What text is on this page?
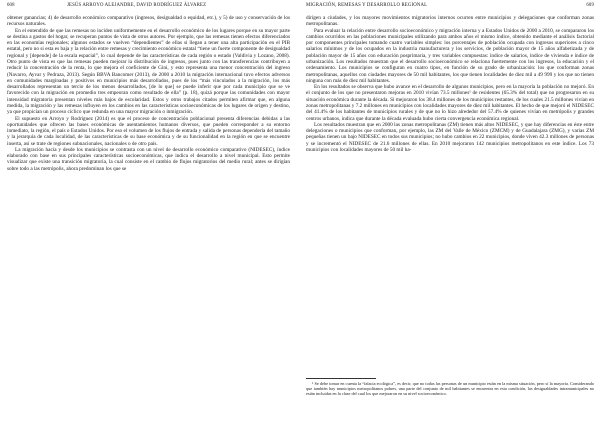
608	JESÚS ARROYO ALEJANDRE, DAVID RODRÍGUEZ ÁLVAREZ

obtener ganancias; 4) de desarrollo económico comparativo (ingresos, desigualdad o equidad, etc.), y 5) de uso y conservación de los recursos naturales.

En el entendido de que las remesas no inciden uniformemente en el desarrollo económico de los lugares porque en su mayor parte se destina a gastos del hogar, se recuperan puntos de vista de otros autores. Por ejemplo, que las remesas tienen efectos diferenciados en las economías regionales; algunos estados se vuelven “dependientes” de ellas si llegan a tener una alta participación en el PIB estatal, pero no si esta es baja y la relación entre remesas y crecimiento económico estatal “tiene un fuerte componente de desigualdad regional y [depende] de la escala espacial”, lo cual depende de las características de cada región o estado (Valdivia y Lozano, 2008). Otro punto de vista es que las remesas pueden mejorar la distribución de ingresos, pues junto con las transferencias contribuyen a reducir la concentración de la renta, lo que mejora el coeficiente de Gini, y esto representa una menor concentración del ingreso (Navarro, Ayvar y Pedraza, 2013). Según BBVA Bancomer (2013), de 2000 a 2010 la migración internacional tuvo efectos adversos en comunidades marginadas y positivos en municipios más desarrollados, pues de los “más vinculados a la migración, los más desarrollados representan un tercio de los menos desarrollados, [de lo que] se puede inferir que por cada municipio que se ve favorecido con la migración en promedio tres empeoran como resultado de ella” (p. 18), quizá porque las comunidades con mayor intensidad migratoria presentan niveles más bajos de escolaridad. Estos y otros trabajos citados permiten afirmar que, en alguna medida, la migración y las remesas influyen en los cambios en las características socioeconómicas de los lugares de origen y destino, ya que propician un proceso cíclico que redunda en una mayor migración o inmigración.

El supuesto en Arroyo y Rodríguez (2014) es que el proceso de concentración poblacional presenta diferencias debidas a las oportunidades que ofrecen las bases económicas de asentamientos humanos diversos, que pueden corresponder a su entorno inmediato, la región, el país o Estados Unidos. Por eso el volumen de los flujos de entrada y salida de personas dependería del tamaño y la jerarquía de cada localidad, de las características de su base económica y de su funcionalidad en la región en que se encuentre inserta, así se trate de regiones subnacionales, nacionales o de otro país.

La migración hacia y desde los municipios se contrasta con un nivel de desarrollo económico comparativo (NIDESEC), índice elaborado con base en sus principales características socioeconómicas, que indica el desarrollo a nivel municipal. Esto permite visualizar que existe una transición migratoria, la cual consiste en el cambio de flujos migratorios del medio rural; antes se dirigían sobre todo a las metrópolis, ahora predominan los que se

MIGRACIÓN, REMESAS Y DESARROLLO REGIONAL	609

dirigen a ciudades, y los mayores movimientos migratorios internos ocurren entre municipios y delegaciones que conforman zonas metropolitanas.

Para evaluar la relación entre desarrollo socioeconómico y migración interna y a Estados Unidos de 2000 a 2010, se compararon los cambios ocurridos en las poblaciones municipales utilizando para ambos años el mismo índice, obtenido mediante el análisis factorial por componentes principales tomando cuatro variables simples: los porcentajes de población ocupada con ingresos superiores a cinco salarios mínimos y de los ocupados en la industria manufacturera y los servicios, de población mayor de 15 años alfabetizada y de población mayor de 15 años con educación posprimaria, y tres variables compuestas: índice de salarios, índice de vivienda e índice de urbanización. Los resultados muestran que el desarrollo socioeconómico se relaciona fuertemente con los ingresos, la educación y el ordenamiento. Los municipios se configuran en cuatro tipos, en función de su grado de urbanización: los que conforman zonas metropolitanas, aquellos con ciudades mayores de 50 mil habitantes, los que tienen localidades de diez mil a 49 999 y los que no tienen ninguna con más de diez mil habitantes.

En los resultados se observa que hubo avance en el desarrollo de algunos municipios, pero en la mayoría la población no mejoró. En el conjunto de los que no presentaron mejoras en 2010 vivían 73.5 millones¹ de residentes (65.3% del total) que no progresaron en su situación económica durante la década. Si mejoraron los 38.4 millones de los municipios restantes, de los cuales 21.5 millones vivían en zonas metropolitanas y 7.2 millones en municipios con localidades mayores de diez mil habitantes. El hecho de que mejoró el NIDESEC del 41.4% de los habitantes de municipios rurales y de que no lo hizo alrededor del 57.4% de quienes vivían en metrópolis y grandes centros urbanos, indica que durante la década evaluada hubo cierta convergencia económica regional.

Los resultados muestran que en 2000 las zonas metropolitanas (ZM) tienen más altos NIDESEC, y que hay diferencias en éste entre delegaciones o municipios que conforman, por ejemplo, las ZM del Valle de México (ZMCM) y de Guadalajara (ZMG), y varias ZM pequeñas tienen un bajo NIDESEC en todos sus municipios; no hubo cambios en 22 municipios, donde viven 42.3 millones de personas y se incrementó el NIDESEC de 21.6 millones de ellas. En 2010 mejoraron 142 municipios metropolitanos en este índice. Los 73 municipios con localidades mayores de 50 mil ha-

¹ Se debe tomar en cuenta la “falacia ecológica”, es decir, que no todas las personas de un municipio están en la misma situación, pero sí la mayoría. Considerando que también hay municipios metropolitanos pobres, una parte del conjunto de mil habitantes se encuentra en esta condición, las desigualdades intramunicipales no están incluidas en la clase del cual los que mejoraron en su nivel socioeconómico.
